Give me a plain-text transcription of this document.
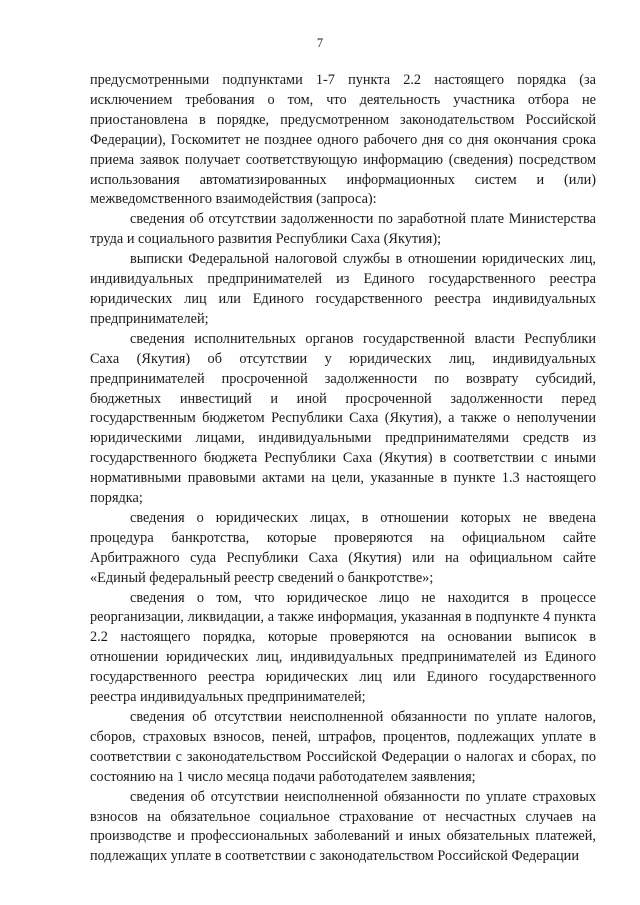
7

предусмотренными подпунктами 1-7 пункта 2.2 настоящего порядка (за исключением требования о том, что деятельность участника отбора не приостановлена в порядке, предусмотренном законодательством Российской Федерации), Госкомитет не позднее одного рабочего дня со дня окончания срока приема заявок получает соответствующую информацию (сведения) посредством использования автоматизированных информационных систем и (или) межведомственного взаимодействия (запроса):

сведения об отсутствии задолженности по заработной плате Министерства труда и социального развития Республики Саха (Якутия);

выписки Федеральной налоговой службы в отношении юридических лиц, индивидуальных предпринимателей из Единого государственного реестра юридических лиц или Единого государственного реестра индивидуальных предпринимателей;

сведения исполнительных органов государственной власти Республики Саха (Якутия) об отсутствии у юридических лиц, индивидуальных предпринимателей просроченной задолженности по возврату субсидий, бюджетных инвестиций и иной просроченной задолженности перед государственным бюджетом Республики Саха (Якутия), а также о неполучении юридическими лицами, индивидуальными предпринимателями средств из государственного бюджета Республики Саха (Якутия) в соответствии с иными нормативными правовыми актами на цели, указанные в пункте 1.3 настоящего порядка;

сведения о юридических лицах, в отношении которых не введена процедура банкротства, которые проверяются на официальном сайте Арбитражного суда Республики Саха (Якутия) или на официальном сайте «Единый федеральный реестр сведений о банкротстве»;

сведения о том, что юридическое лицо не находится в процессе реорганизации, ликвидации, а также информация, указанная в подпункте 4 пункта 2.2 настоящего порядка, которые проверяются на основании выписок в отношении юридических лиц, индивидуальных предпринимателей из Единого государственного реестра юридических лиц или Единого государственного реестра индивидуальных предпринимателей;

сведения об отсутствии неисполненной обязанности по уплате налогов, сборов, страховых взносов, пеней, штрафов, процентов, подлежащих уплате в соответствии с законодательством Российской Федерации о налогах и сборах, по состоянию на 1 число месяца подачи работодателем заявления;

сведения об отсутствии неисполненной обязанности по уплате страховых взносов на обязательное социальное страхование от несчастных случаев на производстве и профессиональных заболеваний и иных обязательных платежей, подлежащих уплате в соответствии с законодательством Российской Федерации
